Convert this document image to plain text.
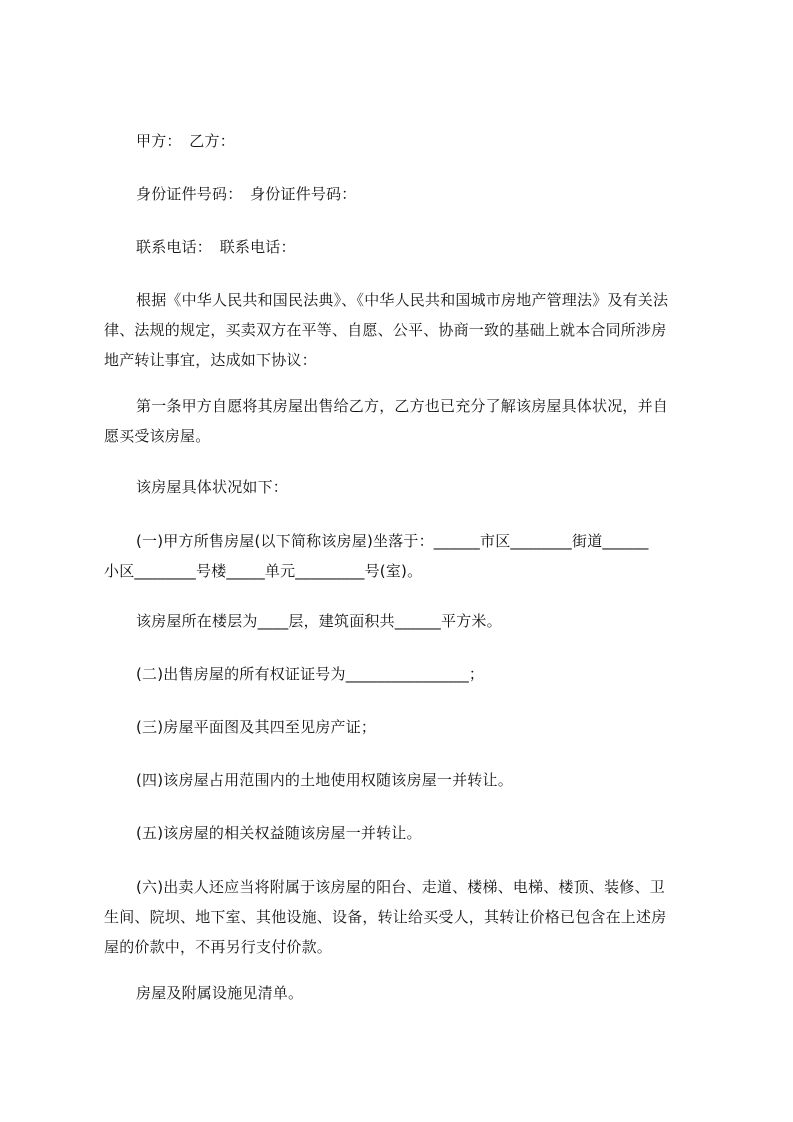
甲方：　乙方：

身份证件号码：　身份证件号码：

联系电话：　联系电话：

根据《中华人民共和国民法典》、《中华人民共和国城市房地产管理法》及有关法
律、法规的规定，买卖双方在平等、自愿、公平、协商一致的基础上就本合同所涉房
地产转让事宜，达成如下协议：

第一条甲方自愿将其房屋出售给乙方，乙方也已充分了解该房屋具体状况，并自
愿买受该房屋。

该房屋具体状况如下：

(一)甲方所售房屋(以下简称该房屋)坐落于：______市区________街道______
小区________号楼_____单元_________号(室)。

该房屋所在楼层为____层，建筑面积共______平方米。

(二)出售房屋的所有权证证号为________________；

(三)房屋平面图及其四至见房产证；

(四)该房屋占用范围内的土地使用权随该房屋一并转让。

(五)该房屋的相关权益随该房屋一并转让。

(六)出卖人还应当将附属于该房屋的阳台、走道、楼梯、电梯、楼顶、装修、卫
生间、院坝、地下室、其他设施、设备，转让给买受人，其转让价格已包含在上述房
屋的价款中，不再另行支付价款。

房屋及附属设施见清单。
